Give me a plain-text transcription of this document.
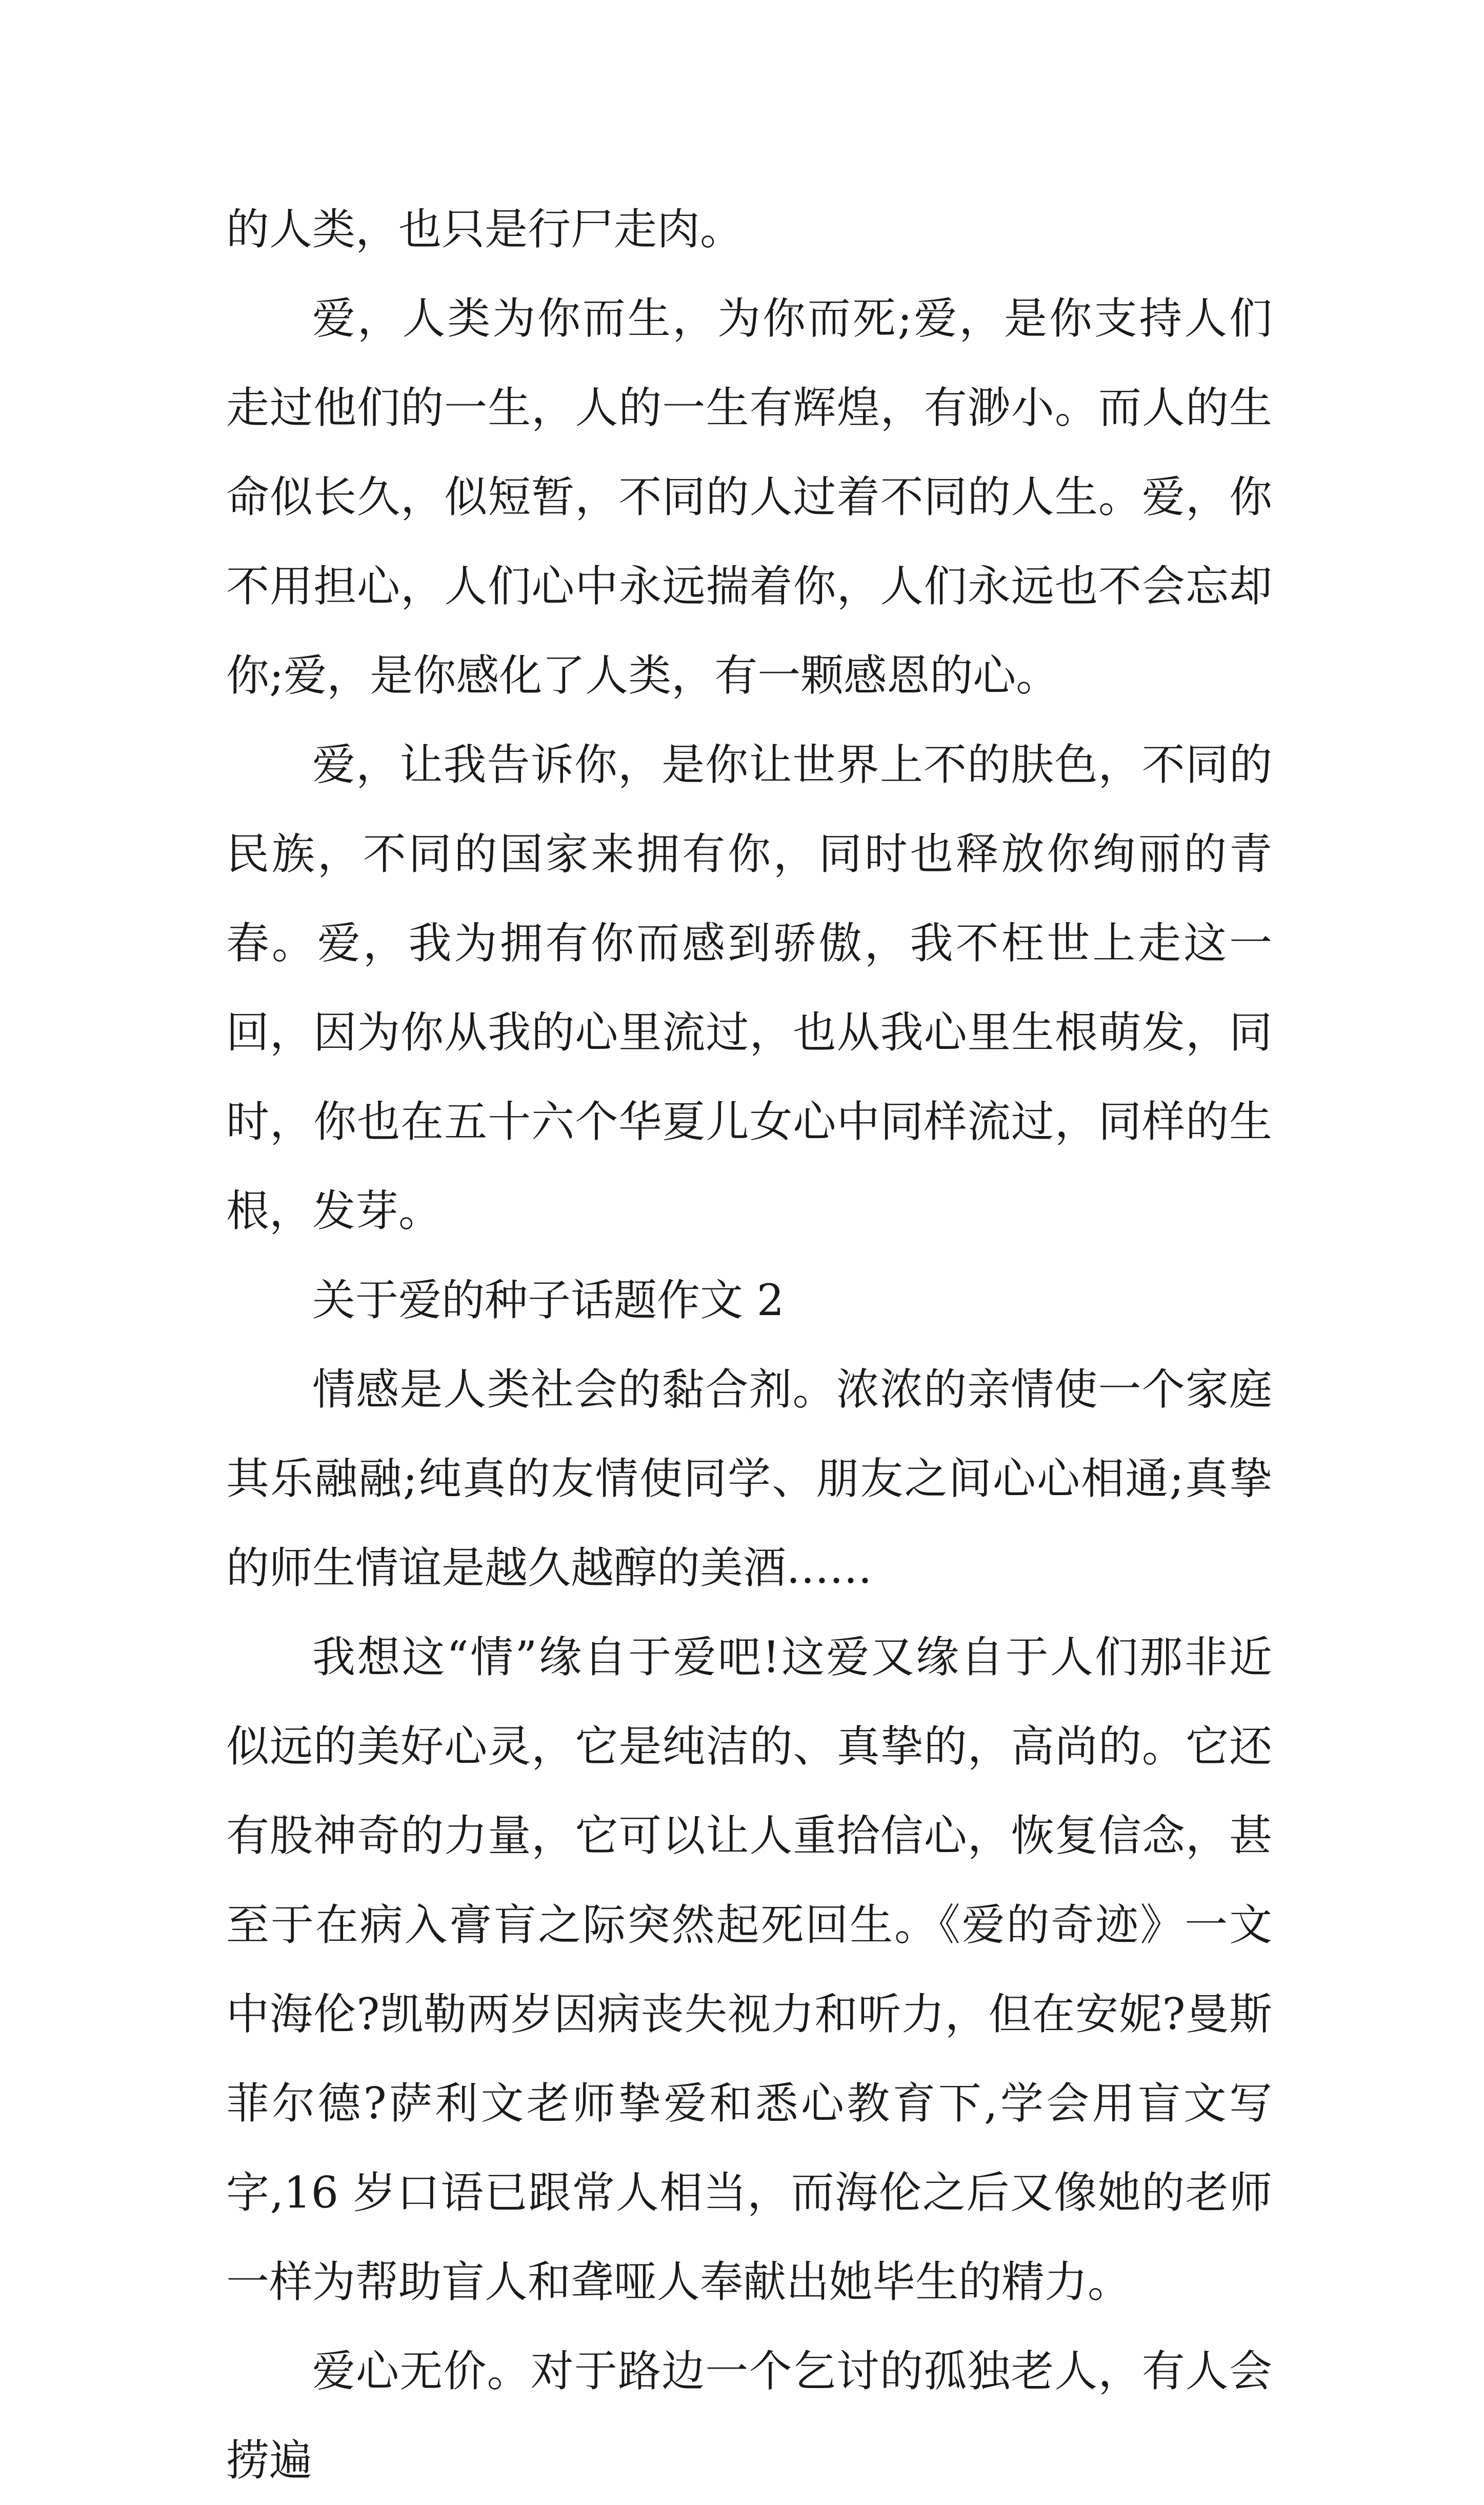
的人类，也只是行尸走肉。

爱，人类为你而生，为你而死;爱，是你支持人们走过他们的一生，人的一生有辉煌，有渺小。而人的生命似长久，似短暂，不同的人过着不同的人生。爱，你不用担心，人们心中永远揣着你，人们永远也不会忘却你;爱，是你感化了人类，有一颗感恩的心。

爱，让我告诉你，是你让世界上不的肤色，不同的民族，不同的国家来拥有你，同时也释放你绚丽的青春。爱，我为拥有你而感到骄傲，我不枉世上走这一回，因为你从我的心里流过，也从我心里生根萌发，同时，你也在五十六个华夏儿女心中同样流过，同样的生根，发芽。

关于爱的种子话题作文 2

情感是人类社会的黏合剂。浓浓的亲情使一个家庭其乐融融;纯真的友情使同学、朋友之间心心相通;真挚的师生情谊是越久越醇的美酒……

我想这“情”缘自于爱吧!这爱又缘自于人们那非近似远的美好心灵，它是纯洁的、真挚的，高尚的。它还有股神奇的力量，它可以让人重拾信心，恢复信念，甚至于在病入膏肓之际突然起死回生。《爱的奇迹》一文中海伦?凯勒两岁因病丧失视力和听力，但在安妮?曼斯菲尔德?萨利文老师挚爱和悉心教育下,学会用盲文写字,16 岁口语已跟常人相当，而海伦之后又像她的老师一样为帮助盲人和聋哑人奉献出她毕生的精力。

爱心无价。对于路边一个乞讨的孤独老人，有人会捞遍
